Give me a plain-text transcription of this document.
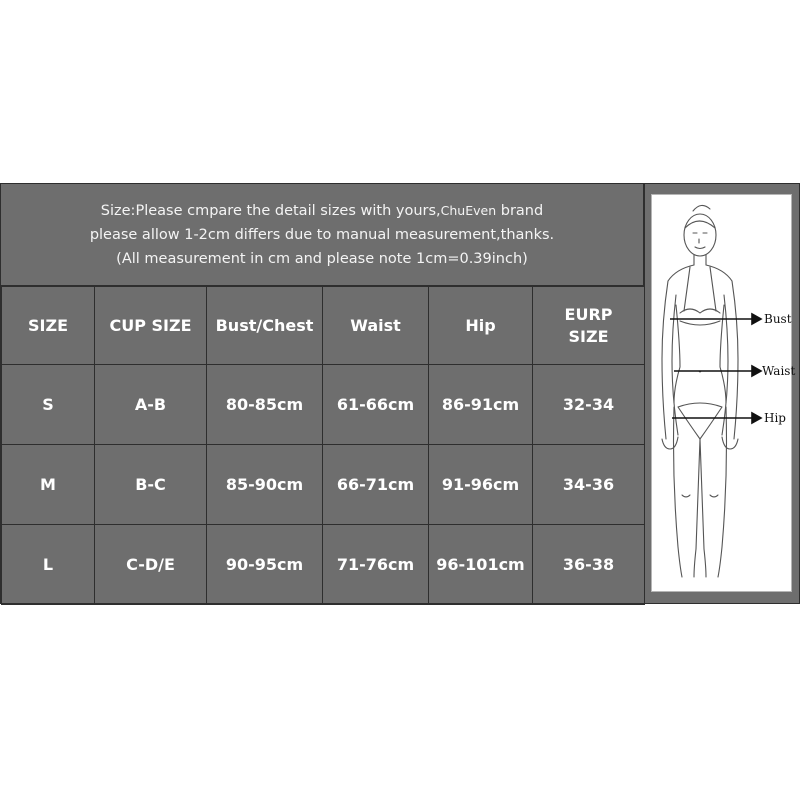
Size:Please cmpare the detail sizes with yours,ChuEven brand
please allow 1-2cm differs due to manual measurement,thanks.
(All measurement in cm and please note 1cm=0.39inch)
SIZE	CUP SIZE	Bust/Chest	Waist	Hip	EURP SIZE
S	A-B	80-85cm	61-66cm	86-91cm	32-34
M	B-C	85-90cm	66-71cm	91-96cm	34-36
L	C-D/E	90-95cm	71-76cm	96-101cm	36-38
Bust
Waist
Hip
